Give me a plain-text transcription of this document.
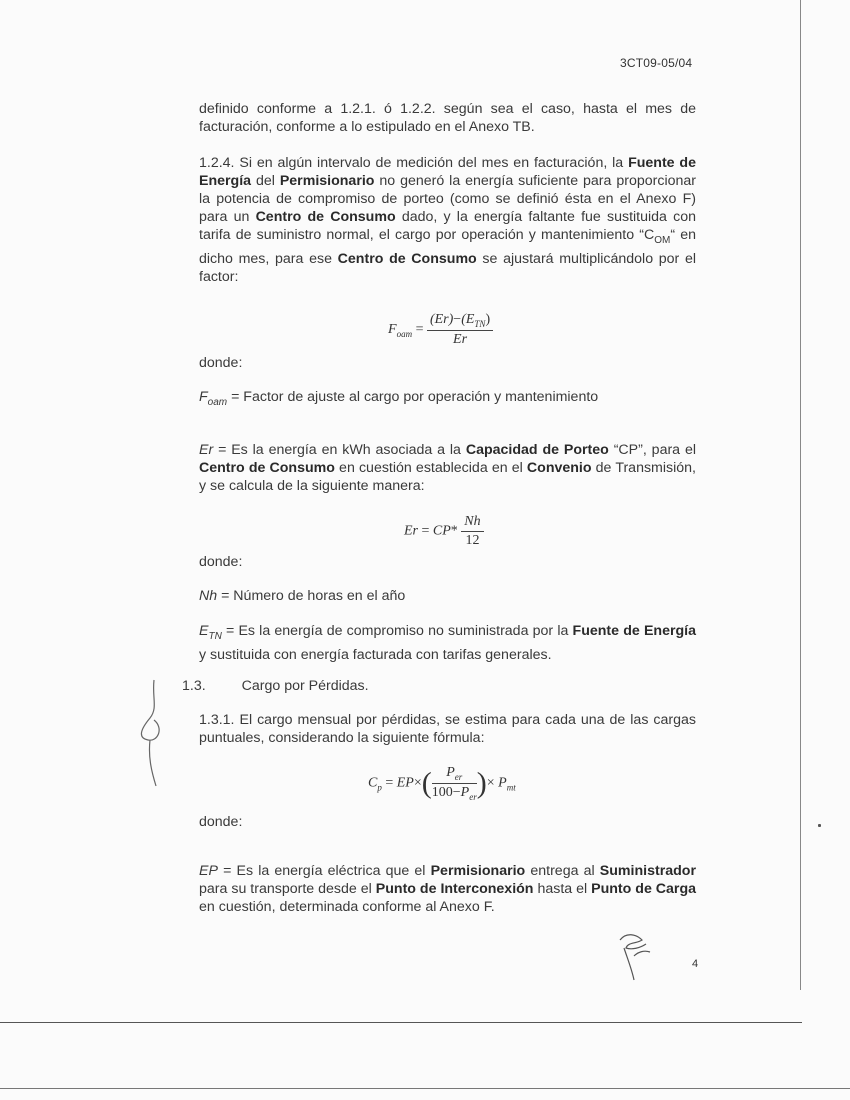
3CT09-05/04
definido conforme a 1.2.1. ó 1.2.2. según sea el caso, hasta el mes de facturación, conforme a lo estipulado en el Anexo TB.
1.2.4. Si en algún intervalo de medición del mes en facturación, la Fuente de Energía del Permisionario no generó la energía suficiente para proporcionar la potencia de compromiso de porteo (como se definió ésta en el Anexo F) para un Centro de Consumo dado, y la energía faltante fue sustituida con tarifa de suministro normal, el cargo por operación y mantenimiento “$C_{OM}“$ en dicho mes, para ese Centro de Consumo se ajustará multiplicándolo por el factor:
$F_{oam} = \frac{(Er)-(E_{TN})}{Er}$
donde:
$F_{oam}$ = Factor de ajuste al cargo por operación y mantenimiento
Er = Es la energía en kWh asociada a la Capacidad de Porteo “CP”, para el Centro de Consumo en cuestión establecida en el Convenio de Transmisión, y se calcula de la siguiente manera:
$Er = CP* \frac{Nh}{12}$
donde:
Nh = Número de horas en el año
$E_{TN} = Es$ la energía de compromiso no suministrada por la Fuente de Energía y sustituida con energía facturada con tarifas generales.
1.3.	Cargo por Pérdidas.
1.3.1. El cargo mensual por pérdidas, se estima para cada una de las cargas puntuales, considerando la siguiente fórmula:
$C_p = EP\times( \frac{P_{er}}{100-P_{er}}$ )× $P_{mt}$
donde:
EP = Es la energía eléctrica que el Permisionario entrega al Suministrador para su transporte desde el Punto de Interconexión hasta el Punto de Carga en cuestión, determinada conforme al Anexo F.
4
